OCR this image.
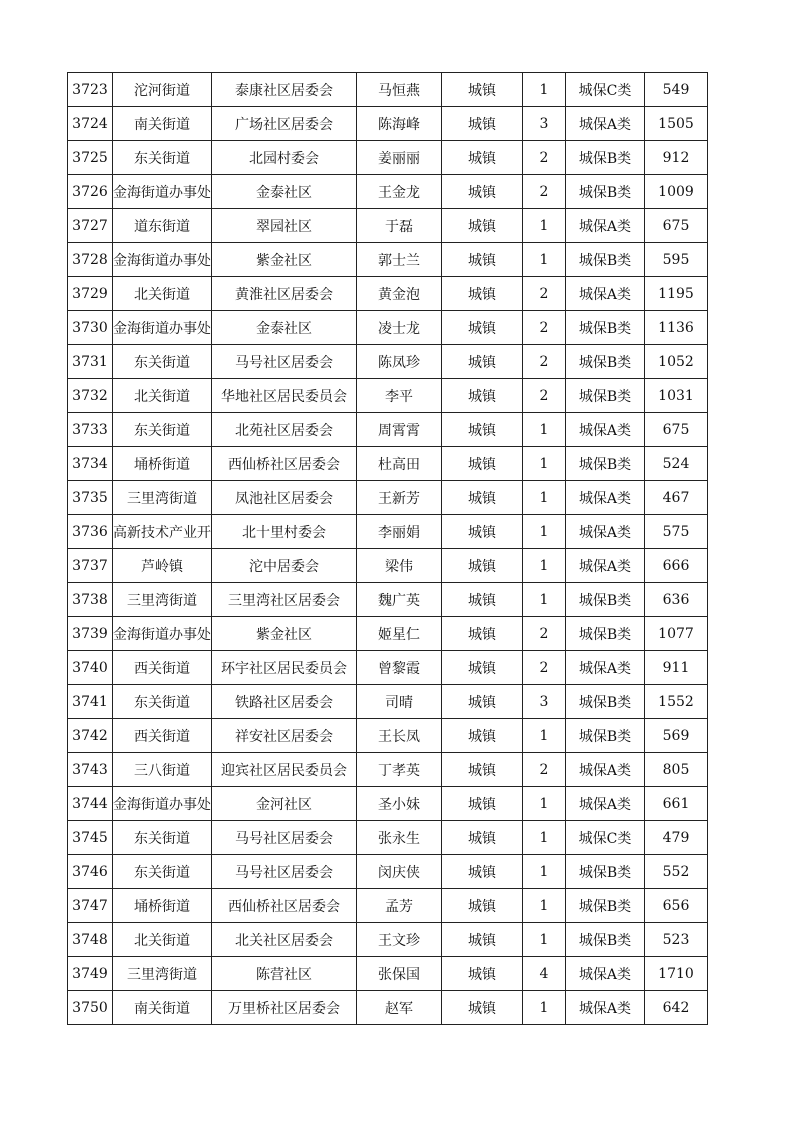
3723	沱河街道	泰康社区居委会	马恒燕	城镇	1	城保C类	549
3724	南关街道	广场社区居委会	陈海峰	城镇	3	城保A类	1505
3725	东关街道	北园村委会	姜丽丽	城镇	2	城保B类	912
3726	金海街道办事处	金泰社区	王金龙	城镇	2	城保B类	1009
3727	道东街道	翠园社区	于磊	城镇	1	城保A类	675
3728	金海街道办事处	紫金社区	郭士兰	城镇	1	城保B类	595
3729	北关街道	黄淮社区居委会	黄金泡	城镇	2	城保A类	1195
3730	金海街道办事处	金泰社区	凌士龙	城镇	2	城保B类	1136
3731	东关街道	马号社区居委会	陈凤珍	城镇	2	城保B类	1052
3732	北关街道	华地社区居民委员会	李平	城镇	2	城保B类	1031
3733	东关街道	北苑社区居委会	周霄霄	城镇	1	城保A类	675
3734	埇桥街道	西仙桥社区居委会	杜高田	城镇	1	城保B类	524
3735	三里湾街道	凤池社区居委会	王新芳	城镇	1	城保A类	467
3736	高新技术产业开	北十里村委会	李丽娟	城镇	1	城保A类	575
3737	芦岭镇	沱中居委会	梁伟	城镇	1	城保A类	666
3738	三里湾街道	三里湾社区居委会	魏广英	城镇	1	城保B类	636
3739	金海街道办事处	紫金社区	姬星仁	城镇	2	城保B类	1077
3740	西关街道	环宇社区居民委员会	曾黎霞	城镇	2	城保A类	911
3741	东关街道	铁路社区居委会	司晴	城镇	3	城保B类	1552
3742	西关街道	祥安社区居委会	王长凤	城镇	1	城保B类	569
3743	三八街道	迎宾社区居民委员会	丁孝英	城镇	2	城保A类	805
3744	金海街道办事处	金河社区	圣小妹	城镇	1	城保A类	661
3745	东关街道	马号社区居委会	张永生	城镇	1	城保C类	479
3746	东关街道	马号社区居委会	闵庆侠	城镇	1	城保B类	552
3747	埇桥街道	西仙桥社区居委会	孟芳	城镇	1	城保B类	656
3748	北关街道	北关社区居委会	王文珍	城镇	1	城保B类	523
3749	三里湾街道	陈营社区	张保国	城镇	4	城保A类	1710
3750	南关街道	万里桥社区居委会	赵军	城镇	1	城保A类	642
